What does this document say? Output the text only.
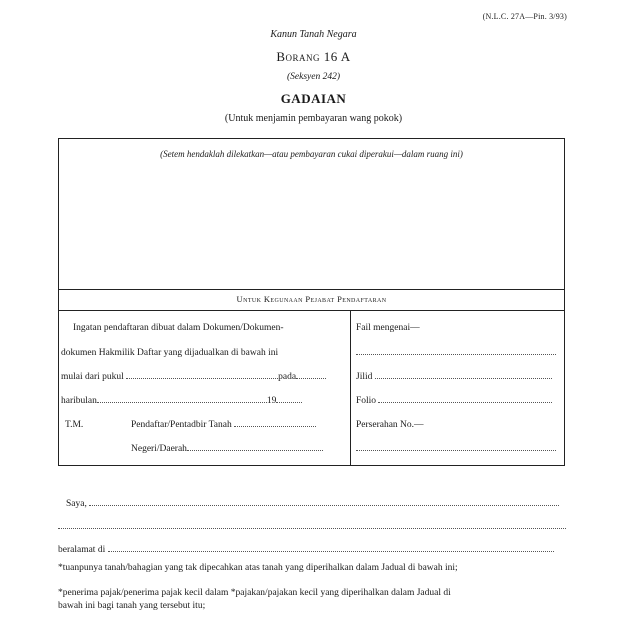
(N.L.C. 27A—Pin. 3/93)
Kanun Tanah Negara
Borang 16 A
(Seksyen 242)
GADAIAN
(Untuk menjamin pembayaran wang pokok)
(Setem hendaklah dilekatkan—atau pembayaran cukai diperakui—dalam ruang ini)
Untuk Kegunaan Pejabat Pendaftaran
Ingatan pendaftaran dibuat dalam Dokumen/Dokumen-
dokumen Hakmilik Daftar yang dijadualkan di bawah ini
mulai dari pukul	pada
haribulan	19
T.M.	Pendaftar/Pentadbir Tanah
Negeri/Daerah
Fail mengenai—
Jilid
Folio
Perserahan No.—
Saya,
beralamat di
*tuanpunya tanah/bahagian yang tak dipecahkan atas tanah yang diperihalkan dalam Jadual di bawah ini;
*penerima pajak/penerima pajak kecil dalam *pajakan/pajakan kecil yang diperihalkan dalam Jadual di
bawah ini bagi tanah yang tersebut itu;
